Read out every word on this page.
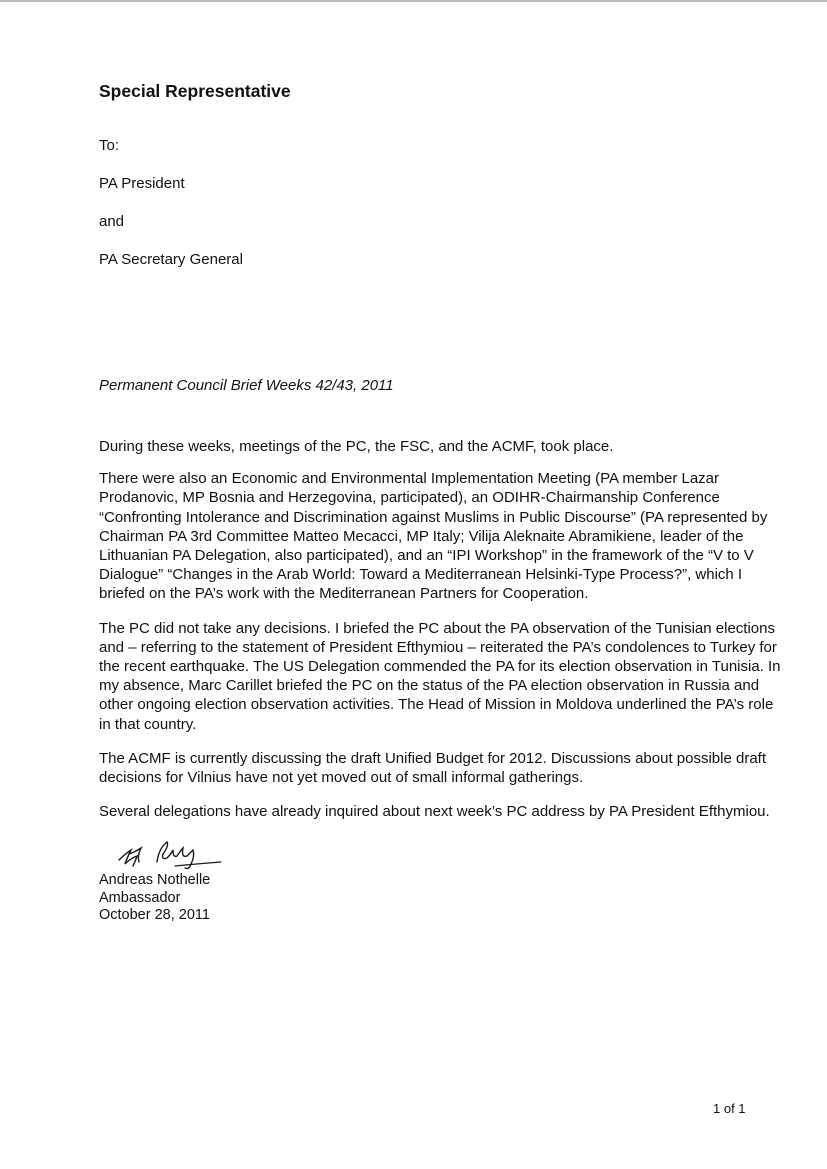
Special Representative

To:

PA President

and

PA Secretary General

Permanent Council Brief Weeks 42/43, 2011

During these weeks, meetings of the PC, the FSC, and the ACMF, took place.

There were also an Economic and Environmental Implementation Meeting (PA member Lazar Prodanovic, MP Bosnia and Herzegovina, participated), an ODIHR-Chairmanship Conference “Confronting Intolerance and Discrimination against Muslims in Public Discourse” (PA represented by Chairman PA 3rd Committee Matteo Mecacci, MP Italy; Vilija Aleknaite Abramikiene, leader of the Lithuanian PA Delegation, also participated), and an “IPI Workshop” in the framework of the “V to V Dialogue” “Changes in the Arab World: Toward a Mediterranean Helsinki-Type Process?”, which I briefed on the PA’s work with the Mediterranean Partners for Cooperation.

The PC did not take any decisions. I briefed the PC about the PA observation of the Tunisian elections and – referring to the statement of President Efthymiou – reiterated the PA’s condolences to Turkey for the recent earthquake. The US Delegation commended the PA for its election observation in Tunisia. In my absence, Marc Carillet briefed the PC on the status of the PA election observation in Russia and other ongoing election observation activities. The Head of Mission in Moldova underlined the PA’s role in that country.

The ACMF is currently discussing the draft Unified Budget for 2012. Discussions about possible draft decisions for Vilnius have not yet moved out of small informal gatherings.

Several delegations have already inquired about next week’s PC address by PA President Efthymiou.

Andreas Nothelle

Ambassador

October 28, 2011

1 of 1
